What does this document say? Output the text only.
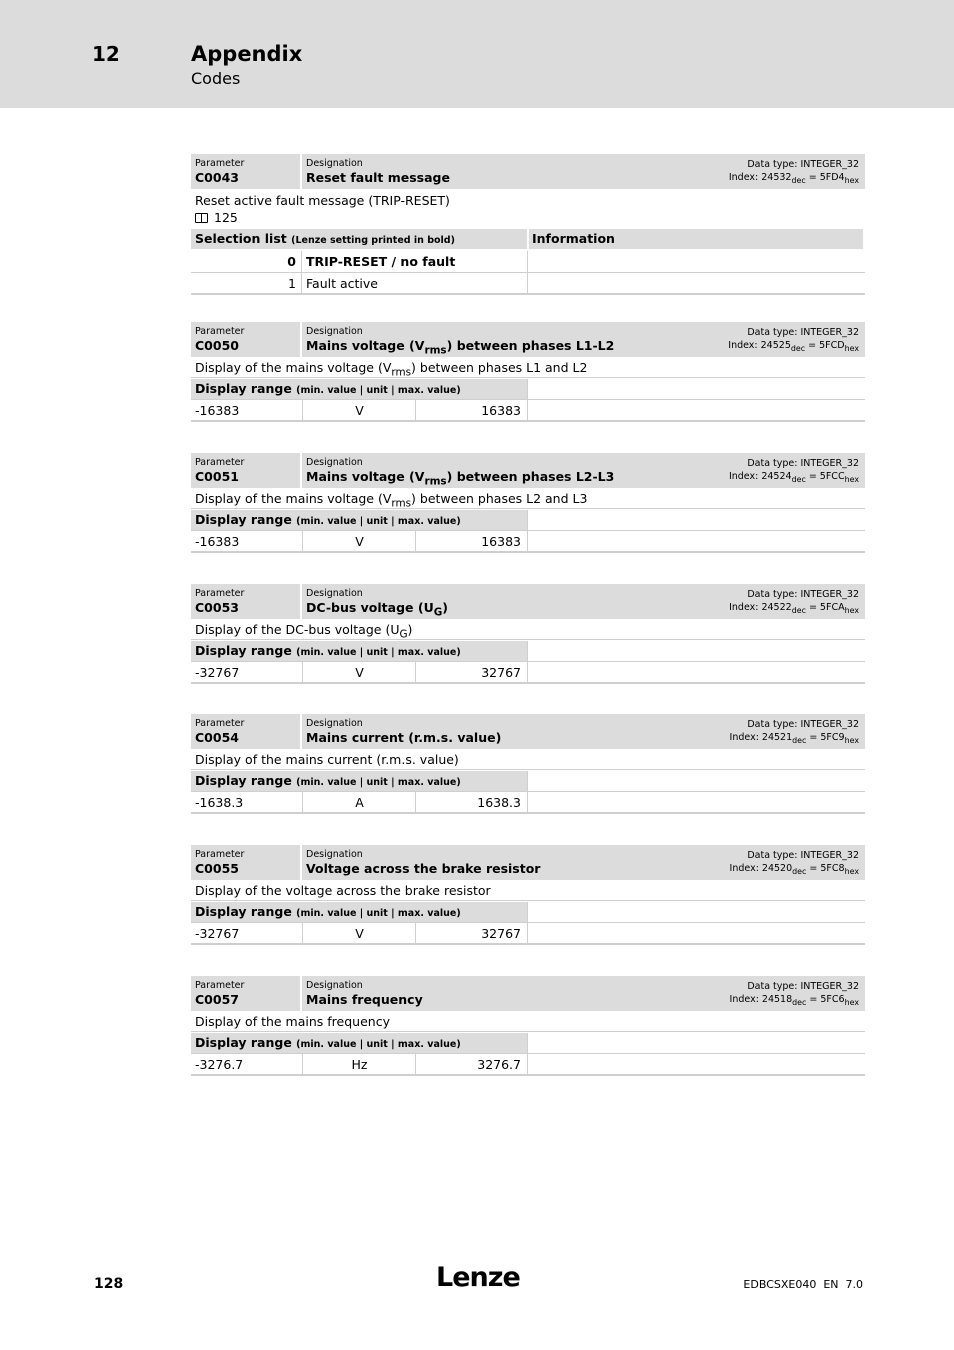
12	Appendix
Codes
Parameter
C0043
Designation
Reset fault message
Data type: INTEGER_32
Index: $24532_{dec} = 5FD4_{hex}$
Reset active fault message (TRIP-RESET)
125
Selection list (Lenze setting printed in bold)	Information
0 TRIP-RESET / no fault
1 Fault active
Parameter
C0050
Designation
Mains voltage $(V_{rms})$ between phases L1-L2
Data type: INTEGER_32
Index: $24525_{dec} = 5FCD_{hex}$
Display of the mains voltage $(V_{rms})$ between phases L1 and L2
Display range (min. value | unit | max. value)
-16383	V	16383
Parameter
C0051
Designation
Mains voltage $(V_{rms})$ between phases L2-L3
Data type: INTEGER_32
Index: $24524_{dec} = 5FCC_{hex}$
Display of the mains voltage $(V_{rms})$ between phases L2 and L3
Display range (min. value | unit | max. value)
-16383	V	16383
Parameter
C0053
Designation
DC-bus voltage $(U_G)$
Data type: INTEGER_32
Index: $24522_{dec} = 5FCA_{hex}$
Display of the DC-bus voltage $(U_G)$
Display range (min. value | unit | max. value)
-32767	V	32767
Parameter
C0054
Designation
Mains current (r.m.s. value)
Data type: INTEGER_32
Index: $24521_{dec} = 5FC9_{hex}$
Display of the mains current (r.m.s. value)
Display range (min. value | unit | max. value)
-1638.3	A	1638.3
Parameter
C0055
Designation
Voltage across the brake resistor
Data type: INTEGER_32
Index: $24520_{dec} = 5FC8_{hex}$
Display of the voltage across the brake resistor
Display range (min. value | unit | max. value)
-32767	V	32767
Parameter
C0057
Designation
Mains frequency
Data type: INTEGER_32
Index: $24518_{dec} = 5FC6_{hex}$
Display of the mains frequency
Display range (min. value | unit | max. value)
-3276.7	Hz	3276.7
128	Lenze	EDBCSXE040  EN  7.0
